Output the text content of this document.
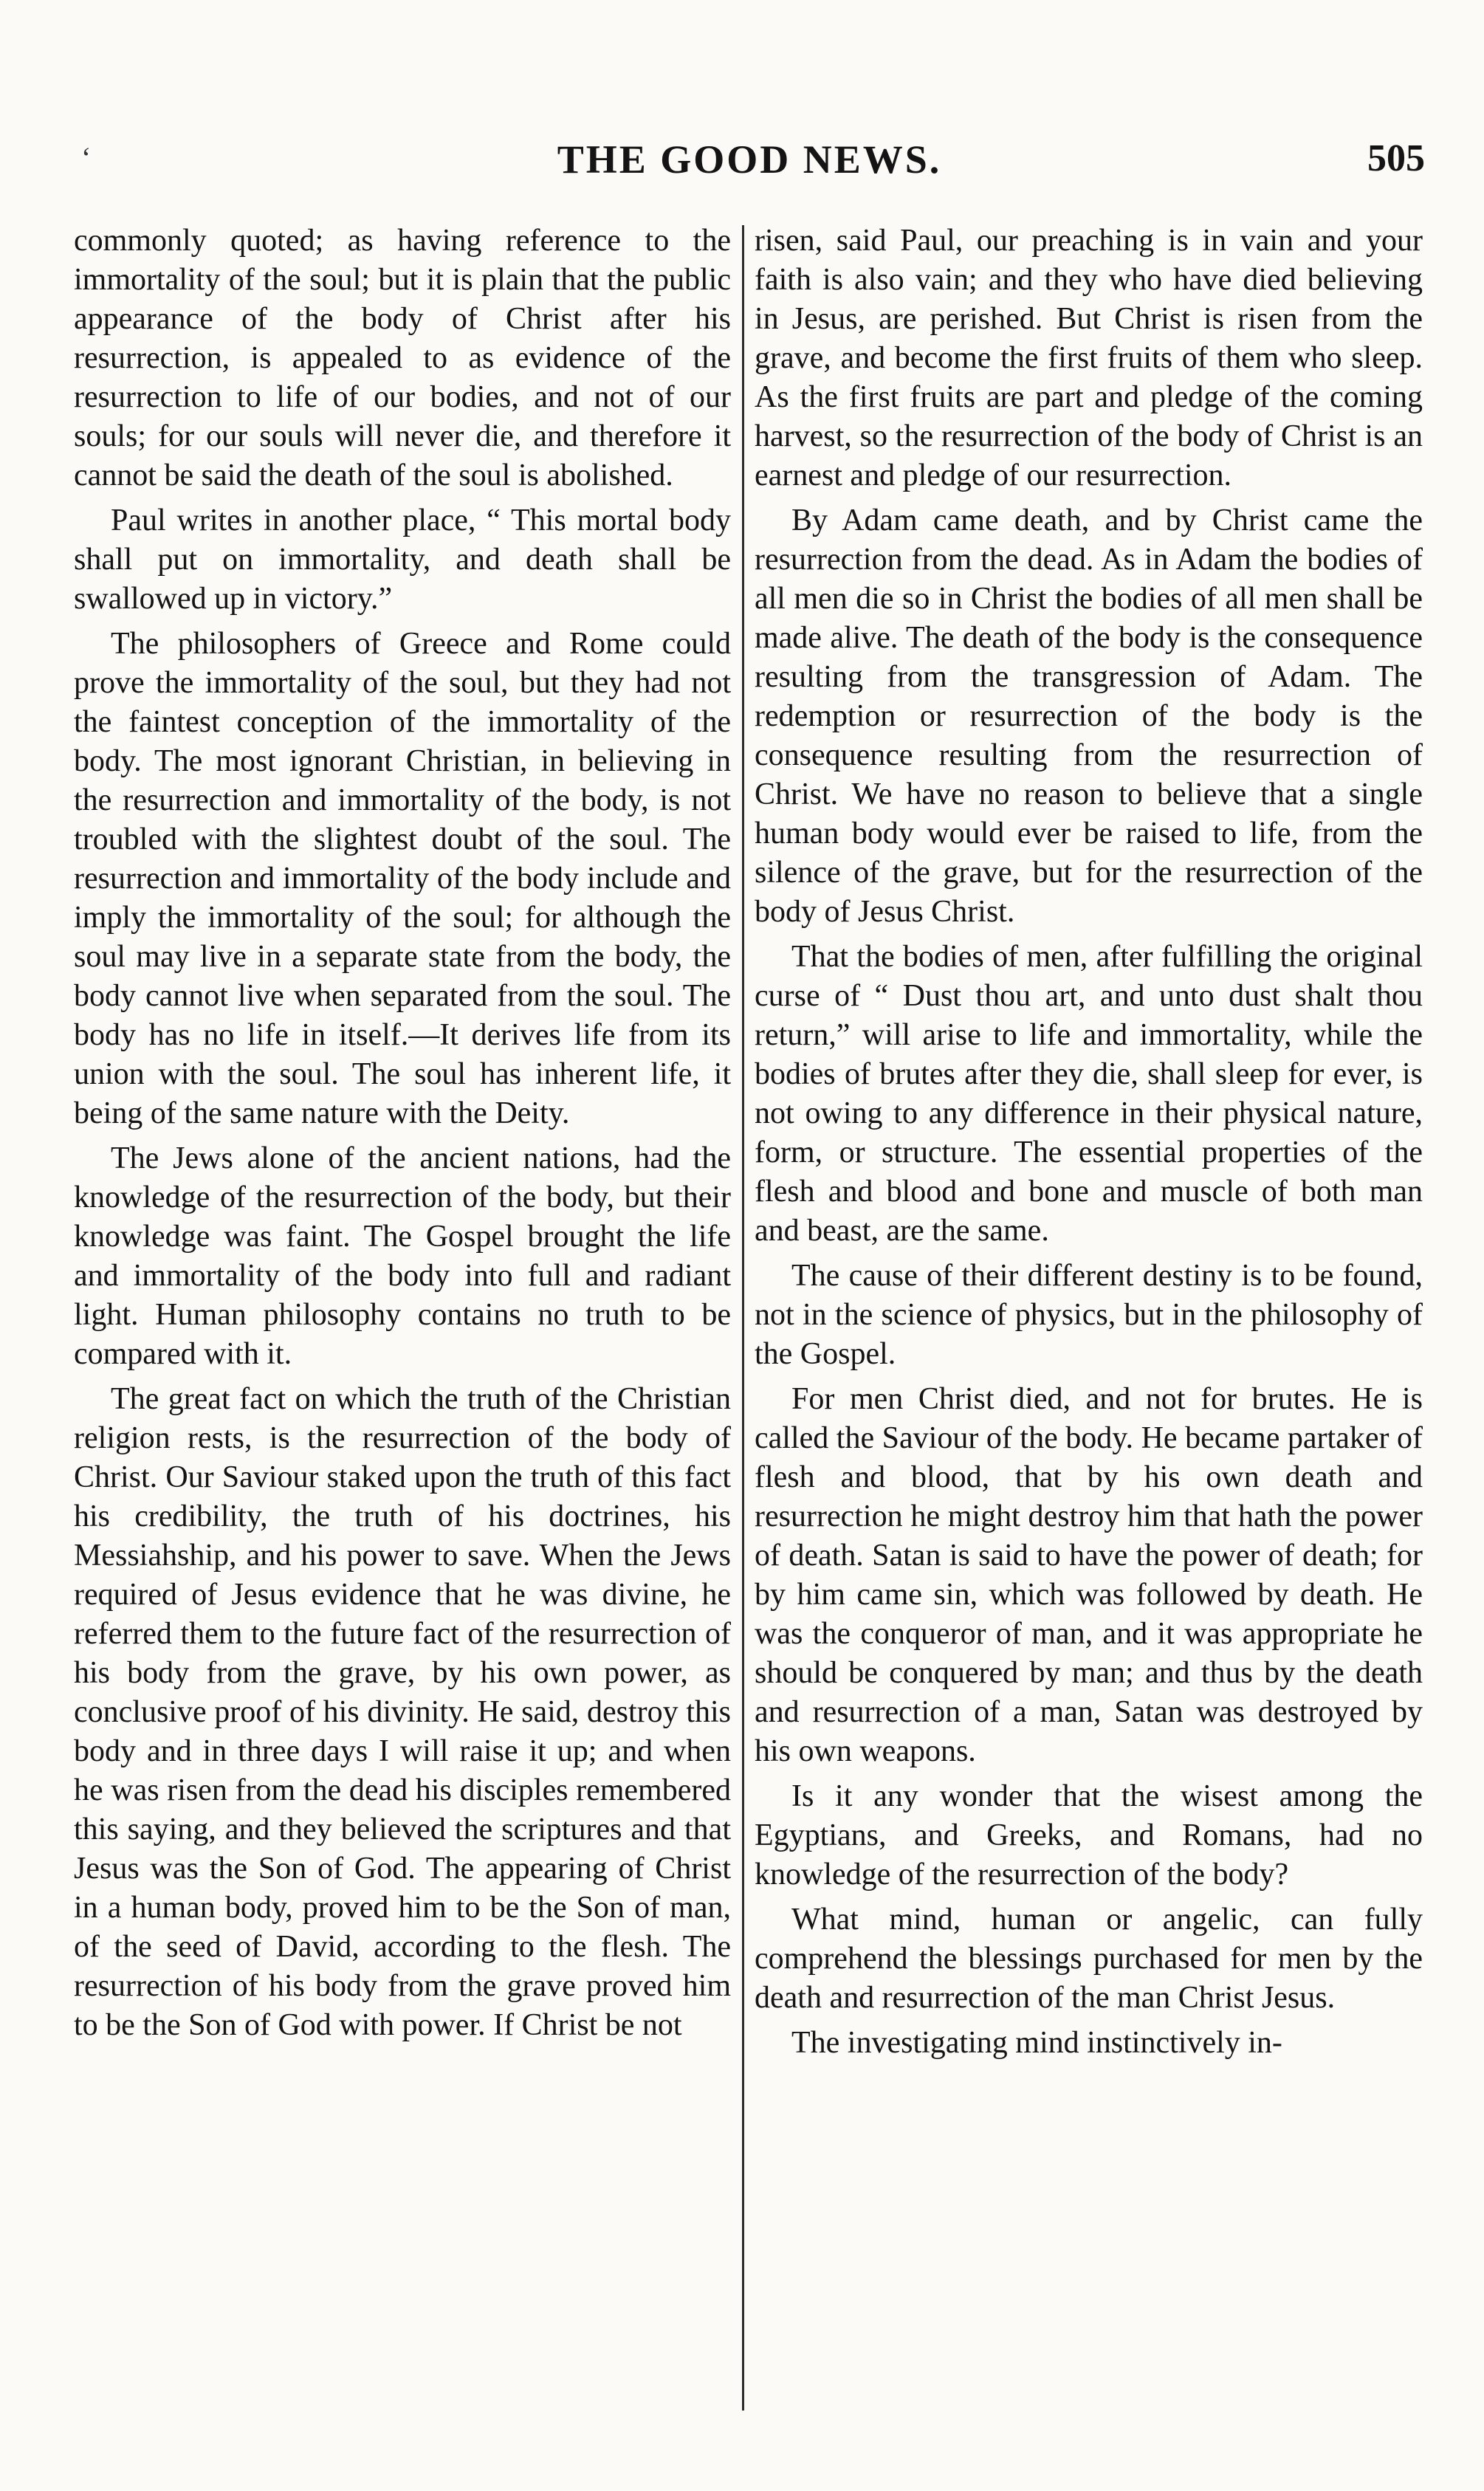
‘	THE GOOD NEWS.	505

commonly quoted; as having reference to the immortality of the soul; but it is plain that the public appearance of the body of Christ after his resurrection, is appealed to as evidence of the resurrection to life of our bodies, and not of our souls; for our souls will never die, and therefore it cannot be said the death of the soul is abolished.

Paul writes in another place, “ This mortal body shall put on immortality, and death shall be swallowed up in victory.”

The philosophers of Greece and Rome could prove the immortality of the soul, but they had not the faintest conception of the immortality of the body. The most ignorant Christian, in believing in the resurrection and immortality of the body, is not troubled with the slightest doubt of the soul. The resurrection and immortality of the body include and imply the immortality of the soul; for although the soul may live in a separate state from the body, the body cannot live when separated from the soul. The body has no life in itself.—It derives life from its union with the soul. The soul has inherent life, it being of the same nature with the Deity.

The Jews alone of the ancient nations, had the knowledge of the resurrection of the body, but their knowledge was faint. The Gospel brought the life and immortality of the body into full and radiant light. Human philosophy contains no truth to be compared with it.

The great fact on which the truth of the Christian religion rests, is the resurrection of the body of Christ. Our Saviour staked upon the truth of this fact his credibility, the truth of his doctrines, his Messiahship, and his power to save. When the Jews required of Jesus evidence that he was divine, he referred them to the future fact of the resurrection of his body from the grave, by his own power, as conclusive proof of his divinity. He said, destroy this body and in three days I will raise it up; and when he was risen from the dead his disciples remembered this saying, and they believed the scriptures and that Jesus was the Son of God. The appearing of Christ in a human body, proved him to be the Son of man, of the seed of David, according to the flesh. The resurrection of his body from the grave proved him to be the Son of God with power. If Christ be not

risen, said Paul, our preaching is in vain and your faith is also vain; and they who have died believing in Jesus, are perished. But Christ is risen from the grave, and become the first fruits of them who sleep. As the first fruits are part and pledge of the coming harvest, so the resurrection of the body of Christ is an earnest and pledge of our resurrection.

By Adam came death, and by Christ came the resurrection from the dead. As in Adam the bodies of all men die so in Christ the bodies of all men shall be made alive. The death of the body is the consequence resulting from the transgression of Adam. The redemption or resurrection of the body is the consequence resulting from the resurrection of Christ. We have no reason to believe that a single human body would ever be raised to life, from the silence of the grave, but for the resurrection of the body of Jesus Christ.

That the bodies of men, after fulfilling the original curse of “ Dust thou art, and unto dust shalt thou return,” will arise to life and immortality, while the bodies of brutes after they die, shall sleep for ever, is not owing to any difference in their physical nature, form, or structure. The essential properties of the flesh and blood and bone and muscle of both man and beast, are the same.

The cause of their different destiny is to be found, not in the science of physics, but in the philosophy of the Gospel.

For men Christ died, and not for brutes. He is called the Saviour of the body. He became partaker of flesh and blood, that by his own death and resurrection he might destroy him that hath the power of death. Satan is said to have the power of death; for by him came sin, which was followed by death. He was the conqueror of man, and it was appropriate he should be conquered by man; and thus by the death and resurrection of a man, Satan was destroyed by his own weapons.

Is it any wonder that the wisest among the Egyptians, and Greeks, and Romans, had no knowledge of the resurrection of the body?

What mind, human or angelic, can fully comprehend the blessings purchased for men by the death and resurrection of the man Christ Jesus.

The investigating mind instinctively in-
